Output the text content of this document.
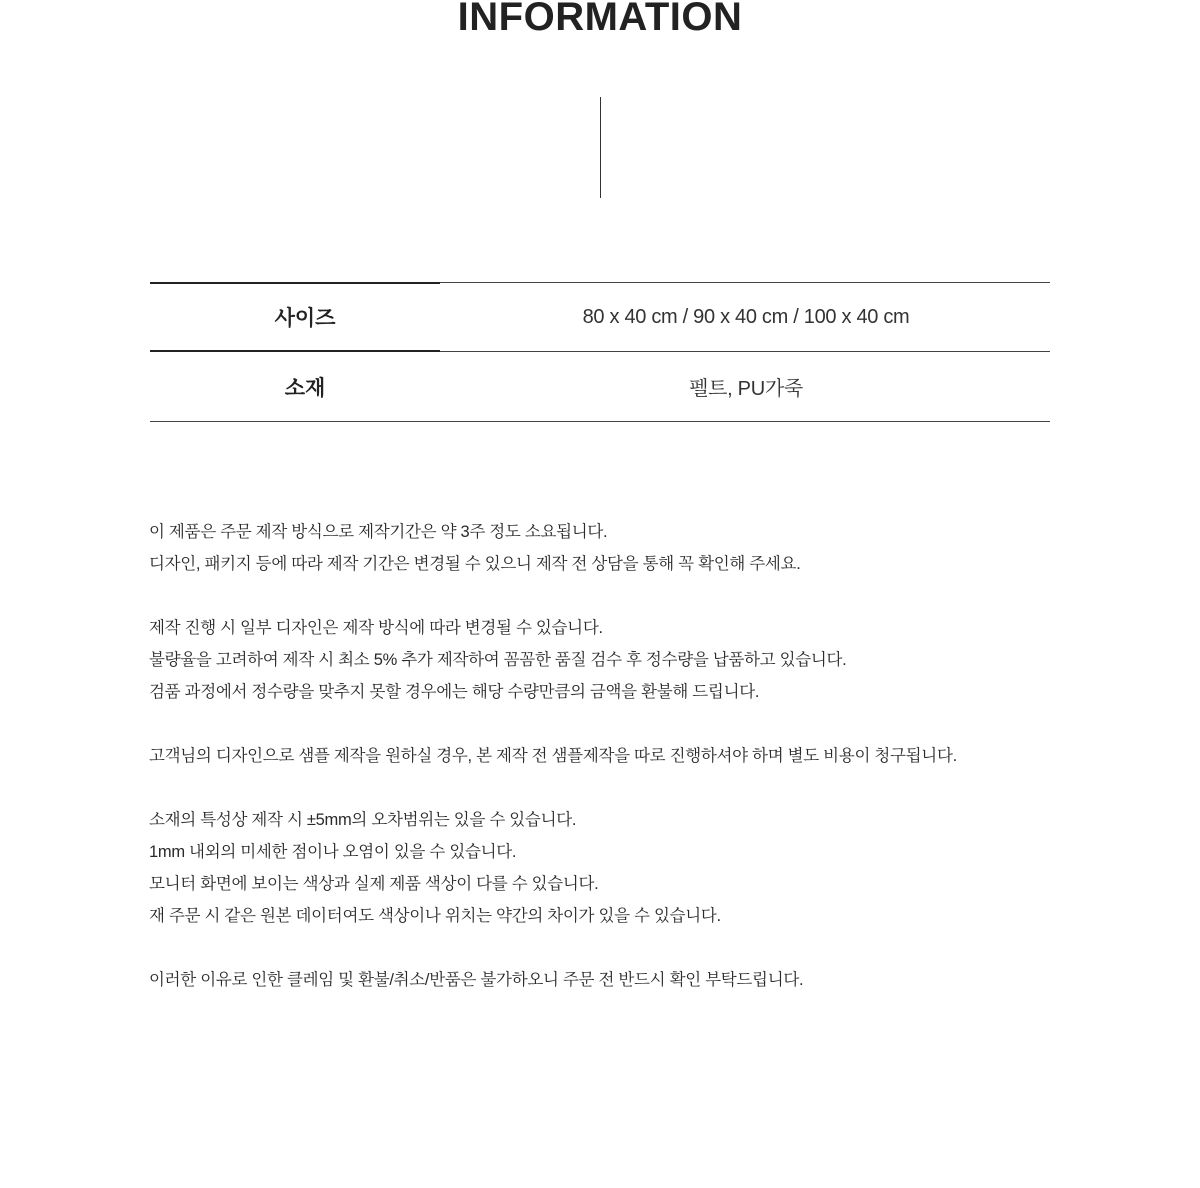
INFORMATION
사이즈	80 x 40 cm / 90 x 40 cm / 100 x 40 cm
소재	펠트, PU가죽

이 제품은 주문 제작 방식으로 제작기간은 약 3주 정도 소요됩니다.

디자인, 패키지 등에 따라 제작 기간은 변경될 수 있으니 제작 전 상담을 통해 꼭 확인해 주세요.

제작 진행 시 일부 디자인은 제작 방식에 따라 변경될 수 있습니다.

불량율을 고려하여 제작 시 최소 5% 추가 제작하여 꼼꼼한 품질 검수 후 정수량을 납품하고 있습니다.

검품 과정에서 정수량을 맞추지 못할 경우에는 해당 수량만큼의 금액을 환불해 드립니다.

고객님의 디자인으로 샘플 제작을 원하실 경우, 본 제작 전 샘플제작을 따로 진행하셔야 하며 별도 비용이 청구됩니다.

소재의 특성상 제작 시 ±5mm의 오차범위는 있을 수 있습니다.

1mm 내외의 미세한 점이나 오염이 있을 수 있습니다.

모니터 화면에 보이는 색상과 실제 제품 색상이 다를 수 있습니다.

재 주문 시 같은 원본 데이터여도 색상이나 위치는 약간의 차이가 있을 수 있습니다.

이러한 이유로 인한 클레임 및 환불/취소/반품은 불가하오니 주문 전 반드시 확인 부탁드립니다.
